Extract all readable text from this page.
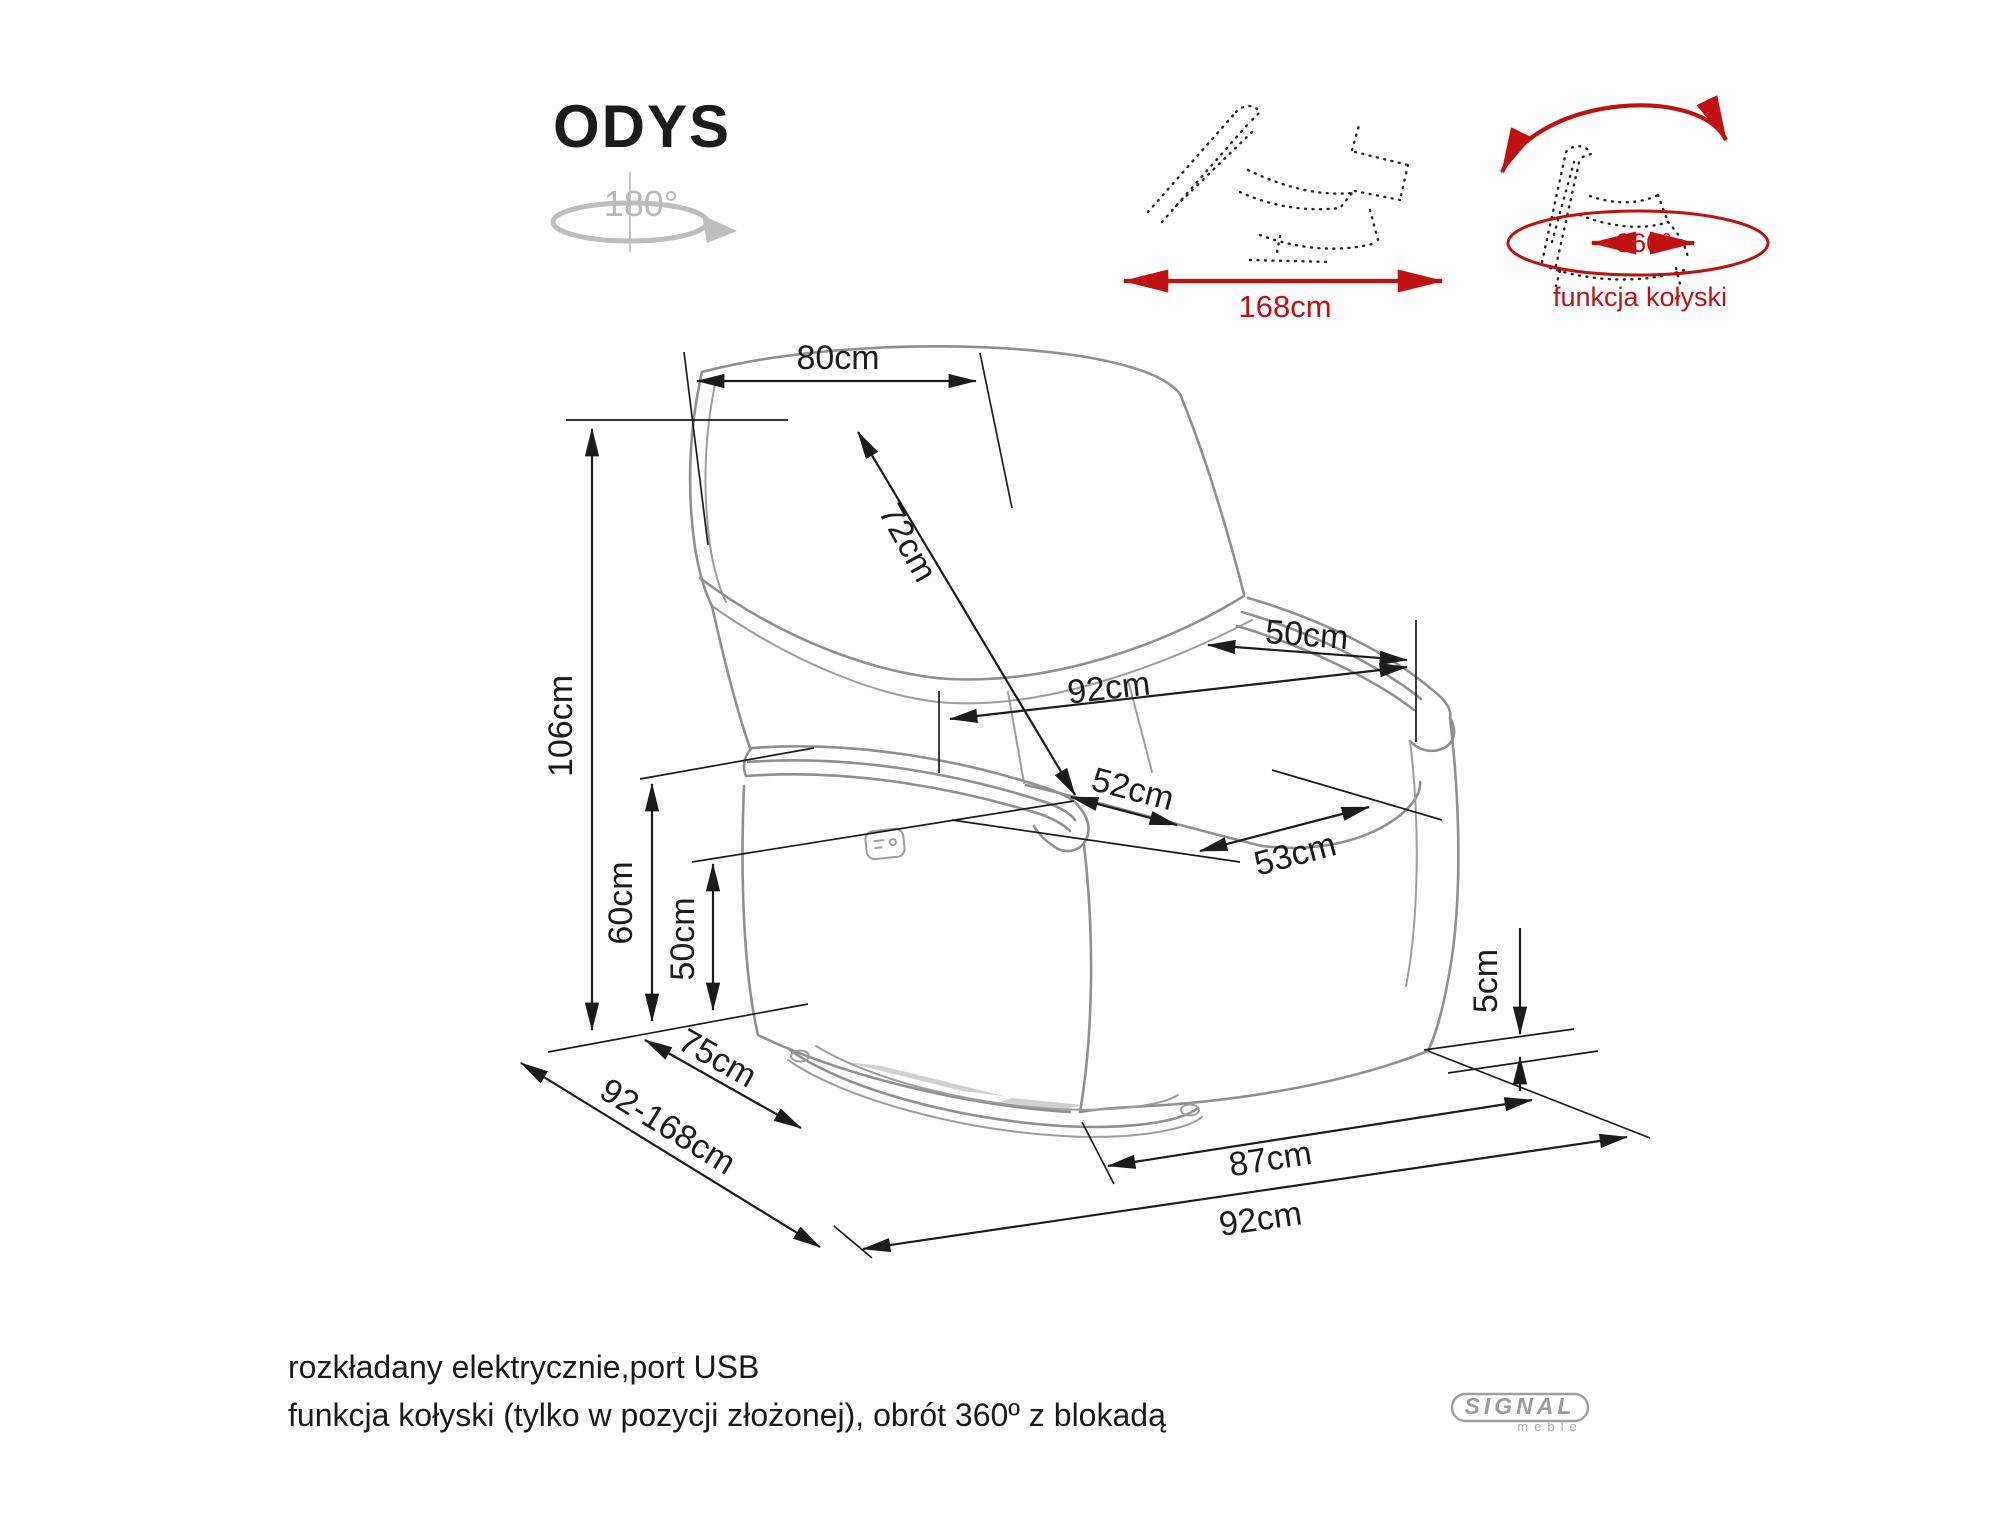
ODYS
180°
168cm
360°
funkcja kołyski
80cm
72cm
106cm
60cm 50cm
50cm
92cm
52cm
53cm
75cm
92-168cm	87cm
92cm
5cm
rozkładany elektrycznie,port USB
funkcja kołyski (tylko w pozycji złożonej), obrót 360º z blokadą	SIGNAL
meble
